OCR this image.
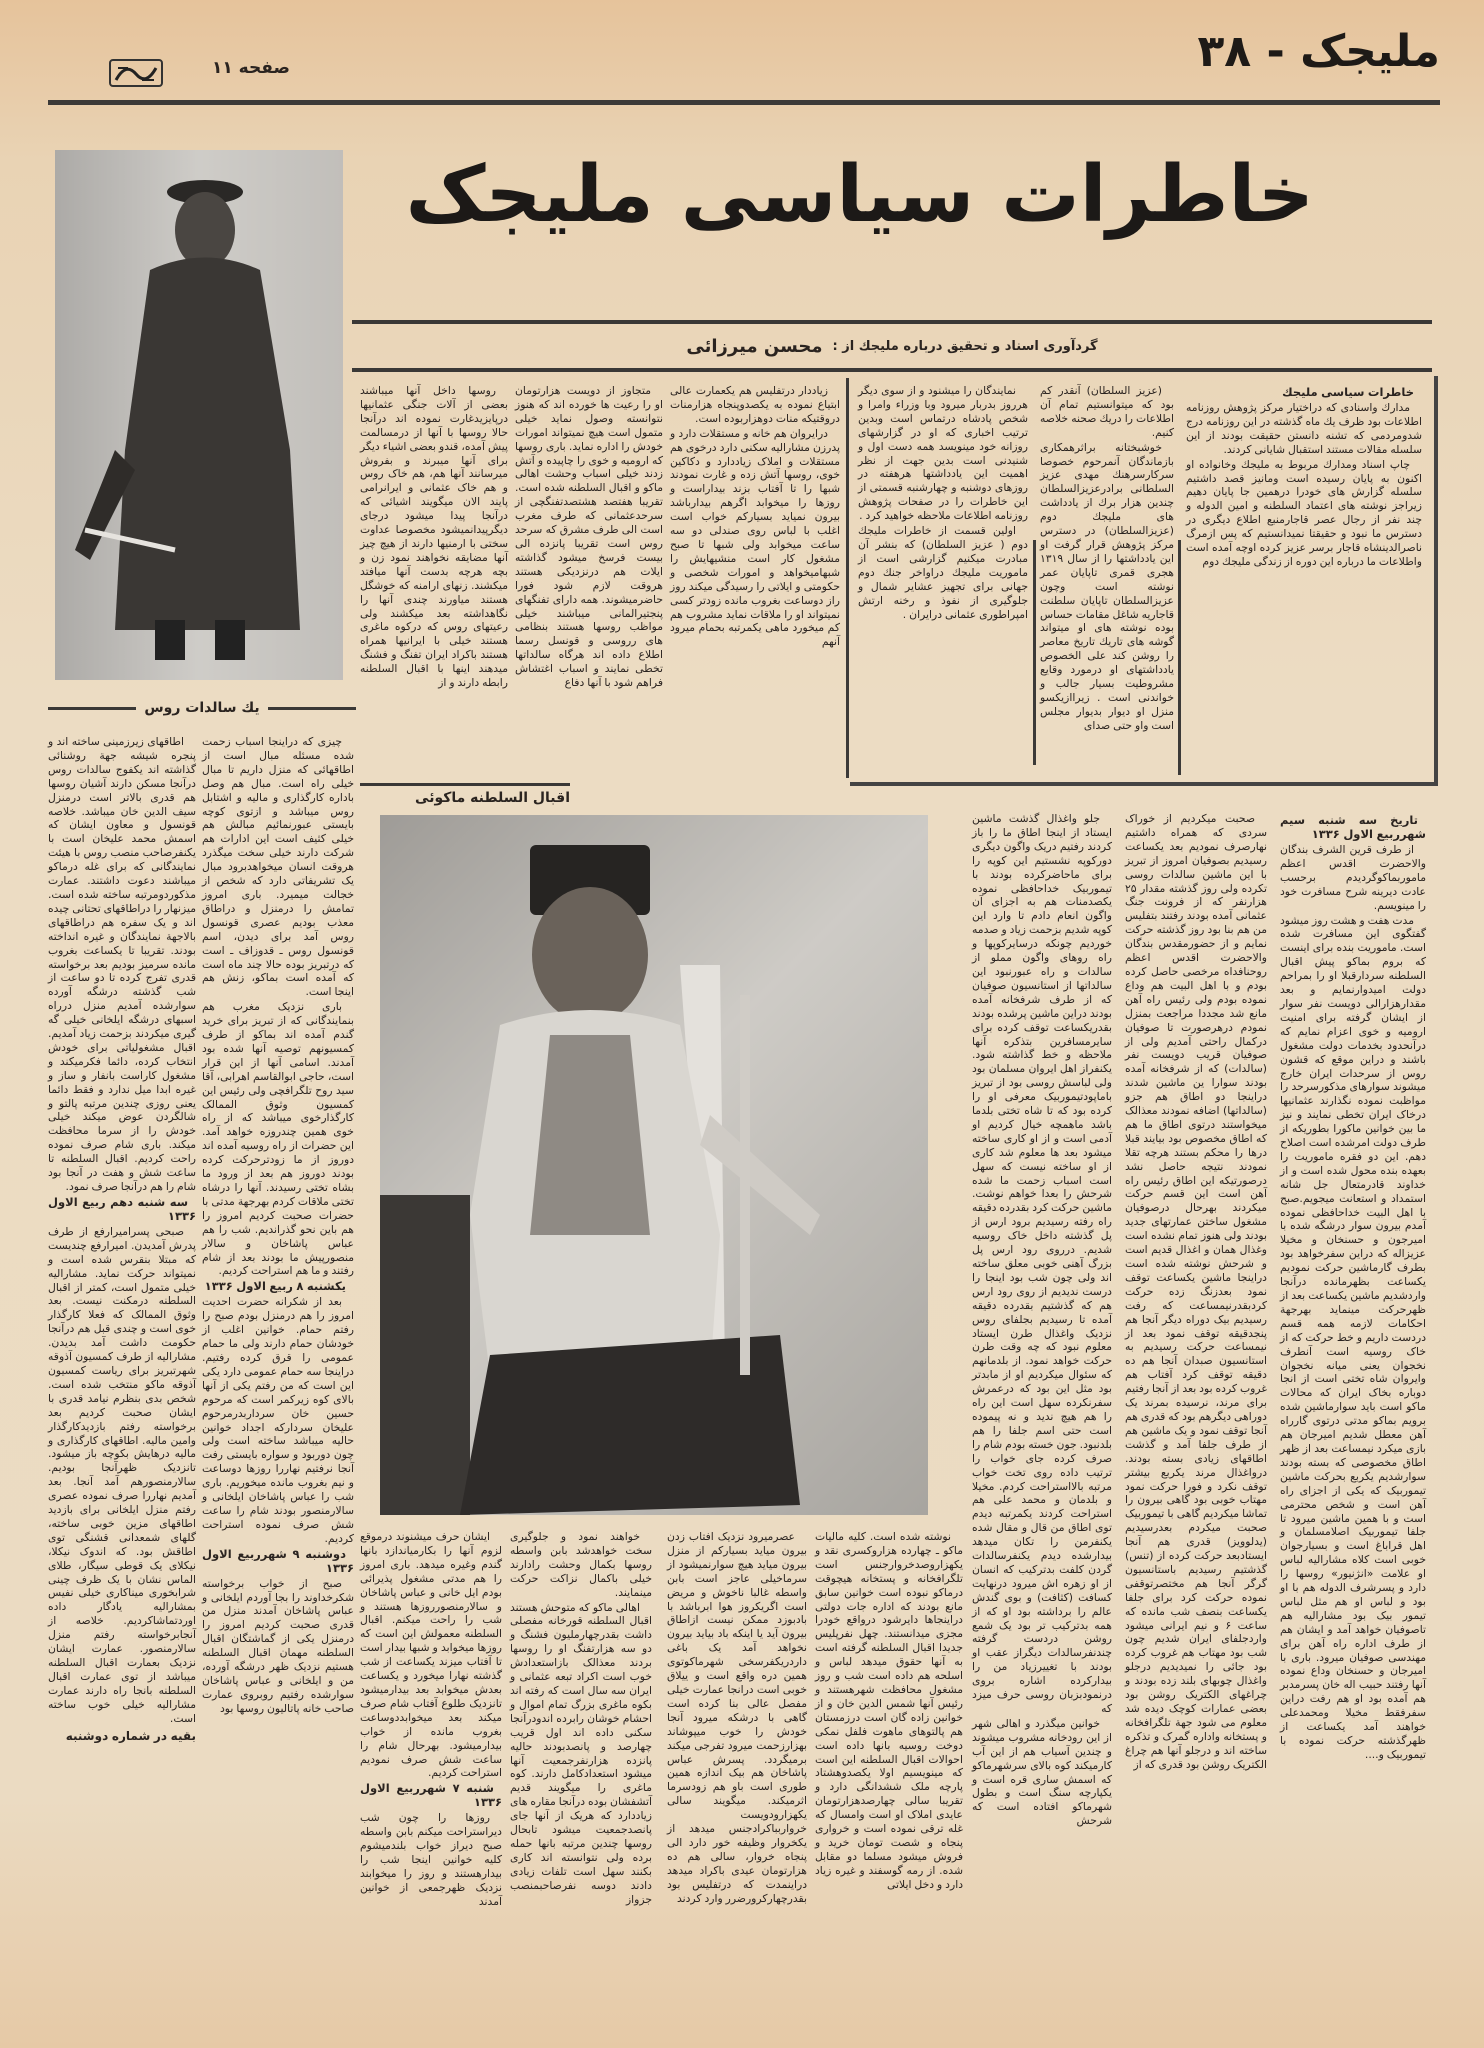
ملیجک - ۳۸
صفحه ۱۱
خاطرات سیاسی ملیجک
گردآوری اسناد و تحقیق درباره ملیجك از :
محسن میرزائی
یك سالدات روس
خاطرات سیاسی ملیجك

مدارك واسنادی که دراختیار مرکز پژوهش روزنامه اطلاعات بود ظرف یك ماه گذشته در این روزنامه درج شدومردمی که تشنه دانستن حقیقت بودند از این سلسله مقالات مستند استقبال شایانی کردند.

چاپ اسناد ومدارك مربوط به ملیجك وخانواده او اکنون به پایان رسیده است ومانیز قصد داشتیم سلسله گزارش های خودرا درهمین جا پایان دهیم زیراجز نوشته های اعتماد السلطنه و امین الدوله و چند نفر از رجال عصر قاجارمنبع اطلاع دیگری در دسترس ما نبود و حقیقتا نمیدانستیم که پس ازمرگ ناصرالدینشاه قاجار برسر عزیز کرده اوچه آمده است واطلاعات ما درباره این دوره از زندگی ملیجك دوم

(عزیز السلطان) آنقدر کم بود که میتوانستیم تمام آن اطلاعات را دریك صحنه خلاصه کنیم.

خوشبختانه براثرهمکاری بازماندگان آنمرحوم خصوصا سرکارسرهنك مهدی عزیز السلطانی برادرعزیزالسلطان چندین هزار برك از یادداشت های ملیجك دوم (عزیزالسلطان) در دسترس مرکز پژوهش قرار گرفت او این یادداشتها را از سال ۱۳۱۹ هجری قمری تاپایان عمر نوشته است وچون عزیزالسلطان تاپایان سلطنت قاجاریه شاغل مقامات حساس بوده نوشته های او میتواند گوشه های تاریك تاریخ معاصر را روشن کند علی الخصوص یادداشتهای او درمورد وقایع مشروطیت بسیار جالب و خواندنی است . زیراازیکسو منزل او دیوار بدیوار مجلس است واو حتی صدای

نمایندگان را میشنود و از سوی دیگر هرروز بدربار میرود وبا وزراء وامرا و شخص پادشاه درتماس است وبدین ترتیب اخباری که او در گزارشهای روزانه خود مینویسد همه دست اول و شنیدنی است بدین جهت از نظر اهمیت این یادداشتها هرهفته در روزهای دوشنبه و چهارشنبه قسمتی از این خاطرات را در صفحات پژوهش روزنامه اطلاعات ملاحظه خواهید کرد .

اولین قسمت از خاطرات ملیجك دوم ( عزیز السلطان) که بنشر آن مبادرت میکنیم گزارشی است از ماموریت ملیجك دراواخر جنك دوم جهانی برای تجهیز عشایر شمال و جلوگیری از نفوذ و رخنه ارتش امپراطوری عثمانی درایران .

زیاددار درتفلیس هم یکعمارت عالی ابتیاع نموده به یکصدوپنجاه هزارمنات دروقتیکه منات دوهزاربوده است.

درایروان هم خانه و مستقلات دارد و پدرزن مشارالیه سکنی دارد درخوی هم مستقلات و املاک زیاددارد و دکاکین خوی، روسها آتش زده و غارت نمودند شبها را تا آفتاب بزند بیداراست و روزها را میخوابد اگرهم بیدارباشد بیرون نمیاید بسیارکم خواب است اغلب با لباس روی صندلی دو سه ساعت میخوابد ولی شبها تا صبح مشغول کار است منشیهایش را شبهامیخواهد و امورات شخصی و حکومتی و ایلاتی را رسیدگی میکند روز راز دوساعت بغروب مانده زودتر کسی نمیتواند او را ملاقات نماید مشروب هم کم میخورد ماهی یکمرتبه بحمام میرود آنهم

متجاوز از دویست هزارتومان او را رعیت ها خورده اند که هنوز نتوانسته وصول نماید خیلی متمول است هیچ نمیتواند امورات خودش را اداره نماید. باری روسها که ارومیه و خوی را چاپیده و آتش زدند خیلی اسباب وحشت اهالی ماکو و اقبال السلطنه شده است. تقریبا هفتصد هشتصدتفنگچی از سرحدعثمانی که طرف مغرب است الی طرف مشرق که سرحد روس است تقریبا پانزده الی بیست فرسخ میشود گذاشته ایلات هم درنزدیکی هستند هروقت لازم شود فورا حاضرمیشوند. همه دارای تفنگهای پنجتیرالمانی میباشند خیلی مواظب روسها هستند بنظامی های رروسی و قونسل رسما اطلاع داده اند هرگاه سالداتها تخطی نمایند و اسباب اغتشاش فراهم شود با آنها دفاع

روسها داخل آنها میباشند بعضی از آلات جنگی عثمانیها درپایزیدغارت نموده اند درآنجا حالا روسها با آنها از درمسالمت پیش آمده، قندو بعضی اشیاء دیگر برای آنها میبرند و بفروش میرسانند آنها هم، هم خاک روس و هم خاک عثمانی و ایرانرامی پایند الان میگویند اشیائی که درآنجا پیدا میشود درجای دیگرپیدانمیشود مخصوصا عداوت سختی با ارمنیها دارند از هیچ چیز آنها مضایقه نخواهند نمود زن و بچه هرچه بدست آنها میافتد میکشند. زنهای ارامنه که خوشگل هستند میاورند چندی آنها را نگاهداشته بعد میکشند ولی رعیتهای روس که درکوه ماغری هستند خیلی با ایرانیها همراه هستند باکراد ایران تفنگ و فشنگ میدهند اینها با اقبال السلطنه رابطه دارند و از

اقبال السلطنه ماکوئی

چیزی که دراینجا اسباب زحمت شده مسئله مبال است از اطاقهائی که منزل داریم تا مبال خیلی راه است. مبال هم وصل باداره کارگذاری و مالیه و اشتابل روس میباشد و ازتوی کوچه بایستی عبورنمائیم مبالش هم خیلی کثیف است این ادارات هم شرکت دارند خیلی سخت میگذرد هروقت انسان میخواهدبرود مبال یک تشریفاتی دارد که شخص از خجالت میمیرد. باری امروز تمامش را درمنزل و دراطاق معذب بودیم عصری قونسول روس آمد برای دیدن، اسم قونسول روس ـ قدوزاف ـ است که درتبریز بوده حالا چند ماه است که آمده است بماکو، زنش هم اینجا است.

باری نزدیک مغرب هم بنمایندگانی که از تبریز برای خرید گندم آمده اند بماکو از طرف کمسیونهم توصیه آنها شده بود آمدند. اسامی آنها از این قرار است، حاجی ابوالقاسم اهرابی، آقا سید روح تلگرافچی ولی رئیس این کمسیون وثوق الممالک کارگذارخوی میباشد که از راه خوی همین چندروزه خواهد آمد. این حضرات از راه روسیه آمده اند دوروز از ما زودترحرکت کرده بودند دوروز هم بعد از ورود ما بشاه تختی رسیدند. آنها را درشاه تختی ملاقات کردم بهرجهة مدتی با حضرات صحبت کردیم امروز را هم باین نحو گذراندیم. شب را هم عباس پاشاخان و سالار منصورپیش ما بودند بعد از شام رفتند و ما هم استراحت کردیم.

یکشنبه ۸ ربیع الاول ۱۳۳۶

بعد از شکرانه حضرت احدیت امروز را هم درمنزل بودم صبح را رفتم حمام. خوانین اغلب از خودشان حمام دارند ولی ما حمام عمومی را قرق کرده رفتیم. دراینجا سه حمام عمومی دارد یکی این است که من رفتم یکی از آنها بالای کوه زیرکمر است که مرحوم حسین خان سرداربدرمرحوم علیخان سردارکه اجداد خوانین حالیه میباشد ساخته است ولی چون دوربود و سواره بایستی رفت آنجا نرفتیم نهاررا روزها دوساعت و نیم بغروب مانده میخوریم. باری شب را عباس پاشاخان ایلخانی و سالارمنصور بودند شام را ساعت شش صرف نموده استراحت کردیم.

دوشنبه ۹ شهرربیع الاول ۱۳۳۶

صبح از خواب برخواسته شکرخداوند را بجا آوردم ایلخانی و عباس پاشاخان آمدند منزل من قدری صحبت کردیم امروز را درمنزل یکی از گماشتگان اقبال السلطنه مهمان اقبال السلطنه هستیم نزدیک ظهر درشگه آورده، من و ایلخانی و عباس پاشاخان سوارشده رفتیم روبروی عمارت صاحب خانه پاتالیون روسها بود

اطاقهای زیرزمینی ساخته اند و پنجره شیشه جهة روشنائی گذاشته اند یکفوج سالدات روس درآنجا مسکن دارند آشیان روسها هم قدری بالاتر است درمنزل سیف الدین خان میباشد. خلاصه قونسول و معاون ایشان که اسمش محمد علیخان است با یکنفرصاحب منصب روس با هیئت نمایندگانی که برای غله درماکو میباشند دعوت داشتند. عمارت مذکوردومرتبه ساخته شده است. میزنهار را دراطاقهای تحتانی چیده اند و یک سفره هم دراطاقهای بالاجهة نمایندگان و غیره انداخته بودند. تقریبا تا یکساعت بغروب مانده سرمیز بودیم بعد برخواسته قدری تفرج کرده تا دو ساعت از شب گذشته درشگه آورده سوارشده آمدیم منزل درراه اسبهای درشگه ایلخانی خیلی گه گیری میکردند بزحمت زیاد آمدیم. اقبال مشغولیاتی برای خودش انتخاب کرده، دائما فکرمیکند و مشغول کاراست بانفار و ساز و غیره ابدا میل ندارد و فقط دائما یعنی روزی چندین مرتبه پالتو و شالگردن عوض میکند خیلی خودش را از سرما محافظت میکند. باری شام صرف نموده راحت کردیم. اقبال السلطنه تا ساعت شش و هفت در آنجا بود شام را هم درآنجا صرف نمود.

سه شنبه دهم ربیع الاول ۱۳۳۶

صبحی پسرامیرارفع از طرف پدرش آمدیدن. امیرارفع چندیست که مبتلا بنقرس شده است و نمیتواند حرکت نماید. مشارالیه خیلی متمول است، کمتر از اقبال السلطنه درمکنت نیست. بعد وثوق الممالک که فعلا کارگذار خوی است و چندی قبل هم درآنجا حکومت داشت آمد بدیدن. مشارالیه از طرف کمسیون آذوقه شهرتبریز برای ریاست کمسیون آذوقه ماکو منتخب شده است. شخص بدی بنظرم نیامد قدری با ایشان صحبت کردیم بعد برخواسته رفتم بازدیدکارگذار وامین مالیه. اطاقهای کارگذاری و مالیه درهایش بکوچه باز میشود. تانزدیک ظهرآنجا بودیم. سالارمنصورهم آمد آنجا. بعد آمدیم نهاررا صرف نموده عصری رفتم منزل ایلخانی برای بازدید اطاقهای مزین خوبی ساخته، گلهای شمعدانی قشنگی توی اطاقش بود. که اندوک نیکلا، نیکلای یک قوطی سیگار، طلای الماس نشان با یک ظرف چینی شرابخوری میناکاری خیلی نفیس بمشارالیه یادگار داده اوردتماشاکردیم. خلاصه از آنجابرخواسته رفتم منزل سالارمنصور. عمارت ایشان نزدیک بعمارت اقبال السلطنه میباشد از توی عمارت اقبال السلطنه بانجا راه دارند عمارت مشارالیه خیلی خوب ساخته است.

بقیه در شماره دوشنبه
تاریخ سه شنبه سیم شهرربیع الاول ۱۳۳۶

از طرف قرین الشرف بندگان والاحضرت اقدس اعظم ماموربماکوگردیدم برحسب عادت دیرینه شرح مسافرت خود را مینویسم.

مدت هفت و هشت روز میشود گفتگوی این مسافرت شده است. ماموریت بنده برای اینست که بروم بماکو پیش اقبال السلطنه سردارقبلا او را بمراحم دولت امیدوارنمایم و بعد مقدارهزارالی دویست نفر سوار از ایشان گرفته برای امنیت ارومیه و خوی اعزام نمایم که درآنحدود بخدمات دولت مشغول باشند و دراین موقع که قشون روس از سرحدات ایران خارج میشوند سوارهای مذکورسرحد را مواظبت نموده نگذارند عثمانیها درخاک ایران تخطی نمایند و نیز ما بین خوانین ماکورا بطوریکه از طرف دولت امرشده است اصلاح دهم. این دو فقره ماموریت را بعهده بنده محول شده است و از خداوند قادرمتعال جل شانه استمداد و استعانت میجویم.صبح با اهل البیت خداحافظی نموده آمدم بیرون سوار درشگه شده با امیرجون و حسنخان و مخیلا عزیزاله که دراین سفرخواهد بود بطرف گارماشین حرکت نمودیم یکساعت بظهرمانده درآنجا واردشدیم ماشین یکساعت بعد از ظهرحرکت مینماید بهرجهة احکامات لازمه همه قسم دردست داریم و خط حرکت که از خاک روسیه است آنطرف نخجوان یعنی میانه نخجوان وایروان شاه تختی است از انجا دوباره بخاک ایران که محالات ماکو است باید سوارماشین شده برویم بماکو مدتی درتوی گارراه آهن معطل شدیم امیرجان هم بازی میکرد نیمساعت بعد از ظهر اطاق مخصوصی که بسته بودند سوارشدیم یکربع بحرکت ماشین تیموربیک که یکی از اجزای راه آهن است و شخص محترمی است و با همین ماشین میرود تا جلفا تیموربیک اصلامسلمان و اهل قراباغ است و بسیارجوان خوبی است کلاه مشارالیه لباس او علامت «انژنیور» روسها را دارد و پسرشرف الدوله هم با او بود و لباس او هم مثل لباس تیمور بیک بود مشارالیه هم تاصوفیان خواهد آمد و ایشان هم از طرف اداره راه آهن برای مهندسی صوفیان میرود. باری با امیرجان و حسنخان وداع نموده آنها رفتند حبیب اله خان پسرمدبر هم آمده بود او هم رفت دراین سفرفقط مخیلا ومحمدعلی خواهند آمد یکساعت از ظهرگذشته حرکت نموده با تیموربیک و....

صحبت میکردیم از خوراک سردی که همراه داشتیم نهارصرف نمودیم بعد یکساعت رسیدیم بصوفیان امروز از تبریز با این ماشین سالدات روسی تکرده ولی روز گذشته مقدار ۲۵ هزارنفر که از فرونت جنگ عثمانی آمده بودند رفتند بتفلیس من هم بنا بود روز گذشته حرکت نمایم و از حضورمقدس بندگان والاحضرت اقدس اعظم روحنافداه مرخصی حاصل کرده بودم و با اهل البیت هم وداع نموده بودم ولی رئیس راه آهن مانع شد مجددا مراجعت بمنزل نمودم درهرصورت تا صوفیان درکمال راحتی آمدیم ولی از صوفیان قریب دویست نفر (سالدات) که از شرفخانه آمده بودند سوارا ین ماشین شدند دراینجا دو اطاق هم جزو (سالداتها) اضافه نمودند معذالک میخواستند درتوی اطاق ما هم که اطاق مخصوص بود بیایند قبلا درها را محکم بستند هرچه تقلا نمودند نتیجه حاصل نشد درصورتیکه این اطاق رئیس راه آهن است این قسم حرکت میکردند بهرحال درصوفیان مشغول ساختن عمارتهای جدید بودند ولی هنوز تمام نشده است وغذال همان و اغذال قدیم است و شرحش نوشته شده است دراینجا ماشین یکساعت توقف نمود بعدزنگ زده حرکت کردبقدرنیمساعت که رفت رسیدیم بیک دوراه دیگر آنجا هم پنجدقیقه توقف نمود بعد از نیمساعت حرکت رسیدیم به استانسیون صبدان آنجا هم ده دقیقه توقف کرد آفتاب هم غروب کرده بود بعد از آنجا رفتیم برای مرند، نرسیده بمرند یک دوراهی دیگرهم بود که قدری هم آنجا توقف نمود و یک ماشین هم از طرف جلفا آمد و گذشت اطاقهای زیادی بسته بودند. درواغذال مرند یکربع بیشتر توقف نکرد و فورا حرکت نمود مهتاب خوبی بود گاهی بیرون را تماشا میکردیم گاهی با تیموربیک صحبت میکردم بعدرسیدیم (یدلوویز) قدری هم آنجا ایستادبعد حرکت کرده از (تنس) گذشتیم رسیدیم باستانسیون گرگر آنجا هم مختصرتوقفی نموده حرکت کرد برای جلفا یکساعت بنصف شب مانده که ساعت ۶ و نیم ایرانی میشود واردجلفای ایران شدیم چون شب بود مهتاب هم غروب کرده بود جائی را نمیدیدیم درجلو واغذال چوبهای بلند زده بودند و چراغهای الکتریک روشن بود بعضی عمارات کوچک دیده شد معلوم می شود جهة تلگرافخانه و پستخانه واداره گمرک و تذکره ساخته اند و درجلو آنها هم چراغ الکتریک روشن بود قدری که از

جلو واغذال گذشت ماشین ایستاد از اینجا اطاق ما را باز کردند رفتیم دریک واگون دیگری دورکوپه نشستیم این کوپه را برای ماحاضرکرده بودند با تیموربیک خداحافظی نموده یکصدمنات هم به اجزای آن واگون انعام دادم تا وارد این کوپه شدیم بزحمت زیاد و صدمه خوردیم چونکه درسایرکوپها و راه روهای واگون مملو از سالدات و راه عبورنبود این سالداتها از استانسیون صوفیان که از طرف شرفخانه آمده بودند دراین ماشین پرشده بودند بقدریکساعت توقف کرده برای سایرمسافرین بتذکره آنها ملاحظه و خط گذاشته شود. یکنفراز اهل ایروان مسلمان بود ولی لباسش روسی بود از تبریز باماپودتیموربیک معرفی او را کرده بود که تا شاه تختی بلدما باشد ماهمچه خیال کردیم او آدمی است و از او کاری ساخته میشود بعد ها معلوم شد کاری از او ساخته نیست که سهل است اسباب زحمت ما شده شرحش را بعدا خواهم نوشت. ماشین حرکت کرد بقدرده دقیقه راه رفته رسیدیم برود ارس از پل گذشته داخل خاک روسیه شدیم. درروی رود ارس پل بزرگ آهنی خوبی معلق ساخته اند ولی چون شب بود اینجا را درست ندیدیم از روی رود ارس هم که گذشتیم بقدرده دقیقه آمده تا رسیدیم بجلفای روس نزدیک واغذال طرن ایستاد معلوم نبود که چه وقت طرن حرکت خواهد نمود. از بلدمانهم که سئوال میکردیم او از مابدتر بود مثل این بود که درعمرش سفرنکرده سهل است این راه را هم هیچ ندید و نه پیموده است حتی اسم جلفا را هم بلدنبود. جون خسته بودم شام را صرف کرده جای خواب را ترتیب داده روی تخت خواب مرتبه بالااستراحت کردم. مخیلا و بلدمان و محمد علی هم استراحت کردند یکمرتبه دیدم توی اطاق من قال و مقال شده یکنفرمن را تکان میدهد بیدارشده دیدم یکنفرسالدات گردن کلفت بدترکیب که انسان از او زهره اش میرود درنهایت کسافت (کثافت) و بوی گندش عالم را برداشته بود او که از همه بدترکیب تر بود یک شمع روشن دردست گرفته چندنفرسالدات دیگراز عقب او بودند با تغییرزیاد من را بیدارکرده اشاره بروی درنمودبزبان روسی حرف میزد که

خوانین میگذرد و اهالی شهر از این رودخانه مشروب میشوند و چندین آسیاب هم از این آب کارمیکند کوه بالای سرشهرماکو که اسمش ساری قره است و یکپارچه سنگ است و بطول شهرماکو افتاده است که شرحش

نوشته شده است. کلیه مالیات ماکو ـ چهارده هزاروکسری نقد و یکهزاروصدخروارجنس است تلگرافخانه و پستخانه هیچوقت درماکو نبوده است خوانین سابق مانع بودند که اداره جات دولتی دراینجاها دایرشود درواقع خودرا مجزی میدانستند. چهل نفرپلیس جدیدا اقبال السلطنه گرفته است به آنها حقوق میدهد لباس و اسلحه هم داده است شب و روز مشغول محافظت شهرهستند و رئیس آنها شمس الدین خان و از خوانین زاده گان است درزمستان هم پالتوهای ماهوت فلفل نمکی دوخت روسیه بانها داده است احوالات اقبال السلطنه این است که مینویسیم اولا یکصدوهشتاد پارچه ملک ششدانگی دارد و تقریبا سالی چهارصدهزارتومان عایدی املاک او است وامسال که غله ترقی نموده است و خرواری پنجاه و شصت تومان خرید و فروش میشود مسلما دو مقابل شده. از رمه گوسفند و غیره زیاد دارد و دخل ایلاتی

عصرمیرود نزدیک افتاب زدن بیرون میاید بسیارکم از منزل بیرون میاید هیچ سوارنمیشود از سرماخیلی عاجز است بابن واسطه غالبا ناخوش و مریض است اگریکروز هوا ابرباشد با بادبوزد ممکن نیست ازاطاق بیرون آید یا اینکه باد بیاید بیرون نخواهد آمد یک باغی داردریکفرسخی شهرماکوتوی همین دره واقع است و ییلاق خوبی است درانجا عمارت خیلی مفصل عالی بنا کرده است گاهی با درشکه میرود آنجا خودش را خوب میپوشاند بهزارزحمت میرود تفرجی میکند برمیگردد. پسرش عباس پاشاخان هم بیک اندازه همین طوری است باو هم زودسرما اثرمیکند. میگویند سالی یکهزارودویست خرواربباکرادجنس میدهد از یکخروار وظیفه خور دارد الی پنجاه خروار، سالی هم ده هزارتومان عیدی باکراد میدهد دراینمدت که درتفلیس بود بقدرچهارکرورضرر وارد کردند

خواهند نمود و جلوگیری سخت خواهدشد بابن واسطه روسها بکمال وحشت رادارند خیلی باکمال نزاکت حرکت مینمایند.

اهالی ماکو که متوحش هستند اقبال السلطنه قورخانه مفصلی داشت بقدرچهارملیون فشنگ و دو سه هزارتفنگ او را روسها بردند معذالک بازاستعدادش خوب است اکراد تبعه عثمانی و ایران سه سال است که رفته اند بکوه ماغری بزرگ تمام اموال و احشام خوشان رابرده اندودرآنجا سکنی داده اند اول قریب چهارصد و پانصدبودند حالیه پانزده هزارنفرجمعیت آنها میشود استعدادکامل دارند. کوه ماغری را میگویند قدیم آتشفشان بوده درآنجا مقاره های زیاددارد که هریک از آنها جای پانصدجمعیت میشود تابحال روسها چندین مرتبه بانها حمله برده ولی نتوانسته اند کاری بکنند سهل است تلفات زیادی دادند دوسه نفرصاحبمنصب جزواز

ایشان حرف میشنوند درموقع لزوم آنها را بکارمیاندازد بانها گندم وغیره میدهد. باری امروز را هم مدتی مشغول پذیرائی بودم ایل خانی و عباس پاشاخان و سالارمنصورروزها هستند و شب را راحت میکنم. اقبال السلطنه معمولش این است که روزها میخوابد و شبها بیدار است تا آفتاب میزند یکساعت از شب گذشته نهارا میخورد و یکساعت بعدش میخوابد بعد بیدارمیشود تانزدیک طلوع آفتاب شام صرف میکند بعد میخوابددوساعت بغروب مانده از خواب بیدارمیشود. بهرحال شام را ساعت شش صرف نمودیم استراحت کردیم.

شنبه ۷ شهرربیع الاول ۱۳۳۶

روزها را چون شب دیراستراحت میکنم بابن واسطه صبح دیراز خواب بلندمیشوم کلیه خوانین اینجا شب را بیدارهستند و روز را میخوابند نزدیک ظهرجمعی از خوانین آمدند
